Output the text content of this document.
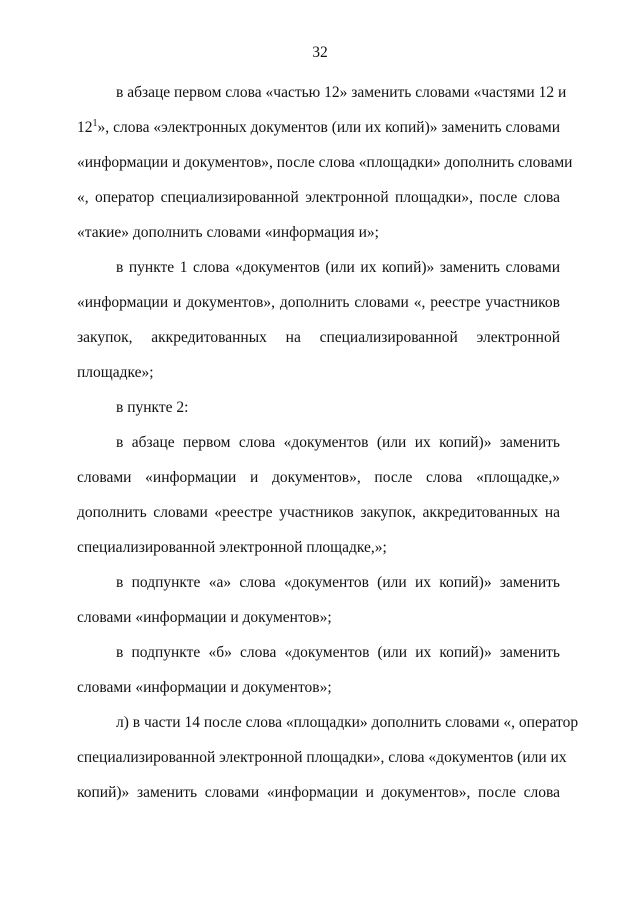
32
в абзаце первом слова «частью 12» заменить словами «частями 12 и
$12^1$», слова «электронных документов (или их копий)» заменить словами
«информации и документов», после слова «площадки» дополнить словами
«, оператор специализированной электронной площадки», после слова
«такие» дополнить словами «информация и»;
в пункте 1 слова «документов (или их копий)» заменить словами
«информации и документов», дополнить словами «, реестре участников
закупок, аккредитованных на специализированной электронной
площадке»;
в пункте 2:
в абзаце первом слова «документов (или их копий)» заменить
словами «информации и документов», после слова «площадке,»
дополнить словами «реестре участников закупок, аккредитованных на
специализированной электронной площадке,»;
в подпункте «а» слова «документов (или их копий)» заменить
словами «информации и документов»;
в подпункте «б» слова «документов (или их копий)» заменить
словами «информации и документов»;
л) в части 14 после слова «площадки» дополнить словами «, оператор
специализированной электронной площадки», слова «документов (или их
копий)» заменить словами «информации и документов», после слова
